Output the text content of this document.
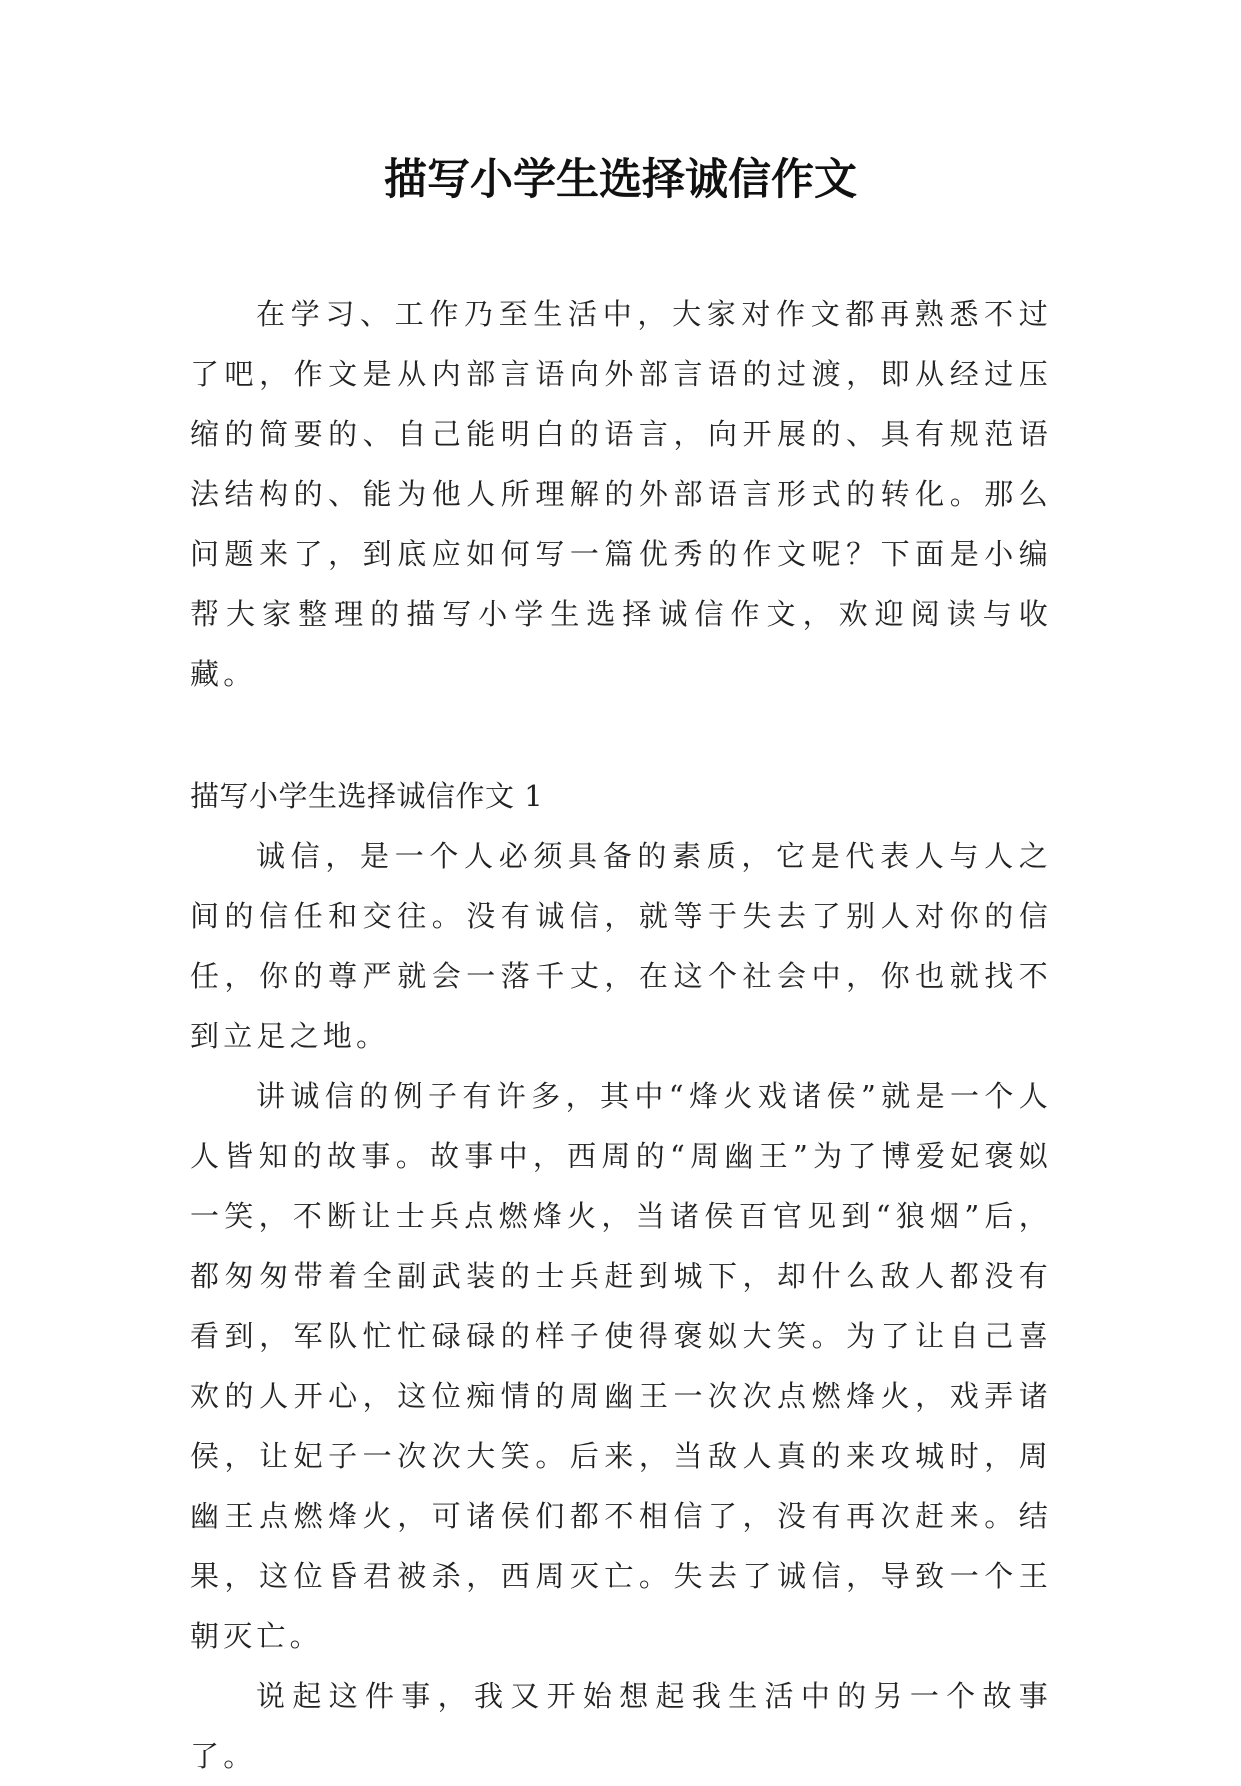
描写小学生选择诚信作文

在学习、工作乃至生活中，大家对作文都再熟悉不过了吧，作文是从内部言语向外部言语的过渡，即从经过压缩的简要的、自己能明白的语言，向开展的、具有规范语法结构的、能为他人所理解的外部语言形式的转化。那么问题来了，到底应如何写一篇优秀的作文呢？下面是小编帮大家整理的描写小学生选择诚信作文，欢迎阅读与收藏。

描写小学生选择诚信作文 1

诚信，是一个人必须具备的素质，它是代表人与人之间的信任和交往。没有诚信，就等于失去了别人对你的信任，你的尊严就会一落千丈，在这个社会中，你也就找不到立足之地。

讲诚信的例子有许多，其中“烽火戏诸侯”就是一个人人皆知的故事。故事中，西周的“周幽王”为了博爱妃褒姒一笑，不断让士兵点燃烽火，当诸侯百官见到“狼烟”后，都匆匆带着全副武装的士兵赶到城下，却什么敌人都没有看到，军队忙忙碌碌的样子使得褒姒大笑。为了让自己喜欢的人开心，这位痴情的周幽王一次次点燃烽火，戏弄诸侯，让妃子一次次大笑。后来，当敌人真的来攻城时，周幽王点燃烽火，可诸侯们都不相信了，没有再次赶来。结果，这位昏君被杀，西周灭亡。失去了诚信，导致一个王朝灭亡。

说起这件事，我又开始想起我生活中的另一个故事了。
